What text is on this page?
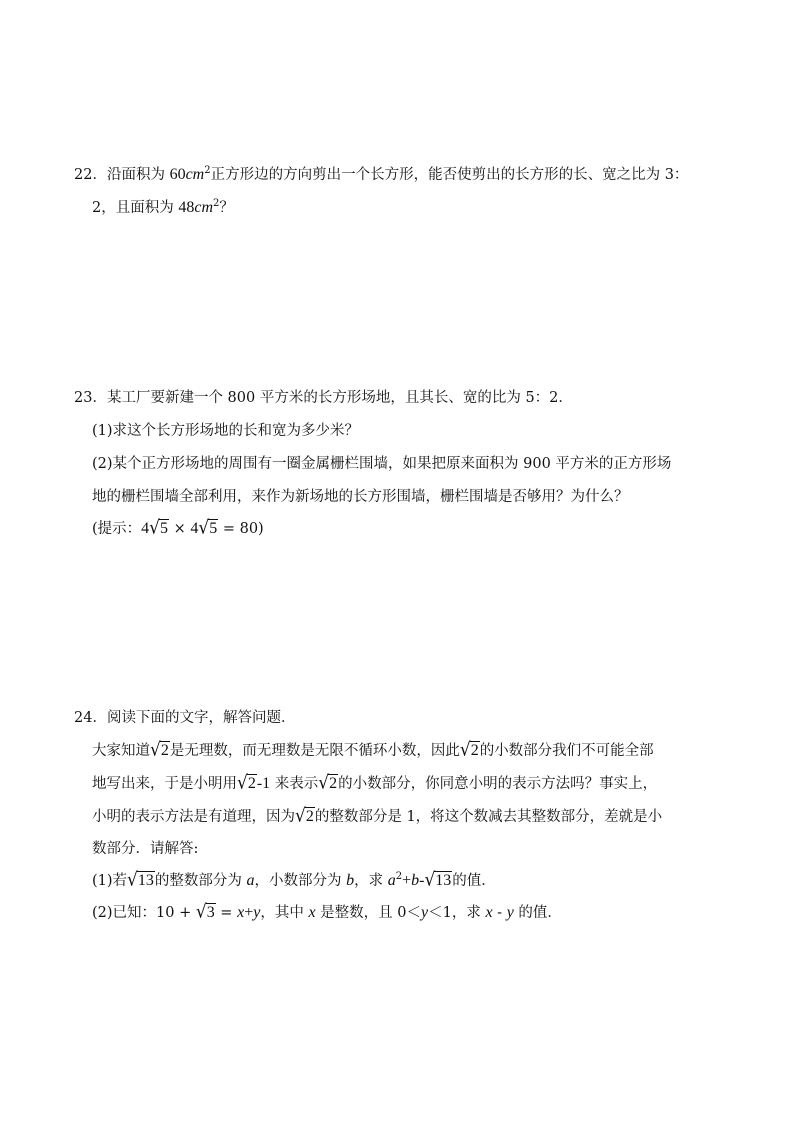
22．沿面积为 $60cm^2$正方形边的方向剪出一个长方形，能否使剪出的长方形的长、宽之比为 3：
2，且面积为 $48cm^2$？
23．某工厂要新建一个 800 平方米的长方形场地，且其长、宽的比为 5：2．
(1)求这个长方形场地的长和宽为多少米？
(2)某个正方形场地的周围有一圈金属栅栏围墙，如果把原来面积为 900 平方米的正方形场
地的栅栏围墙全部利用，来作为新场地的长方形围墙，栅栏围墙是否够用？为什么？
(提示：4√5 × 4√5 = 80)
24．阅读下面的文字，解答问题．
大家知道√2是无理数，而无理数是无限不循环小数，因此√2的小数部分我们不可能全部
地写出来，于是小明用√2-1 来表示√2的小数部分，你同意小明的表示方法吗？事实上，
小明的表示方法是有道理，因为√2的整数部分是 1，将这个数减去其整数部分，差就是小
数部分．请解答:
(1)若√13的整数部分为 a，小数部分为 b，求 $a^2+b-√13$的值．
(2)已知：10 + √3 = x+y，其中 x 是整数，且 0＜y＜1，求 x - y 的值．
